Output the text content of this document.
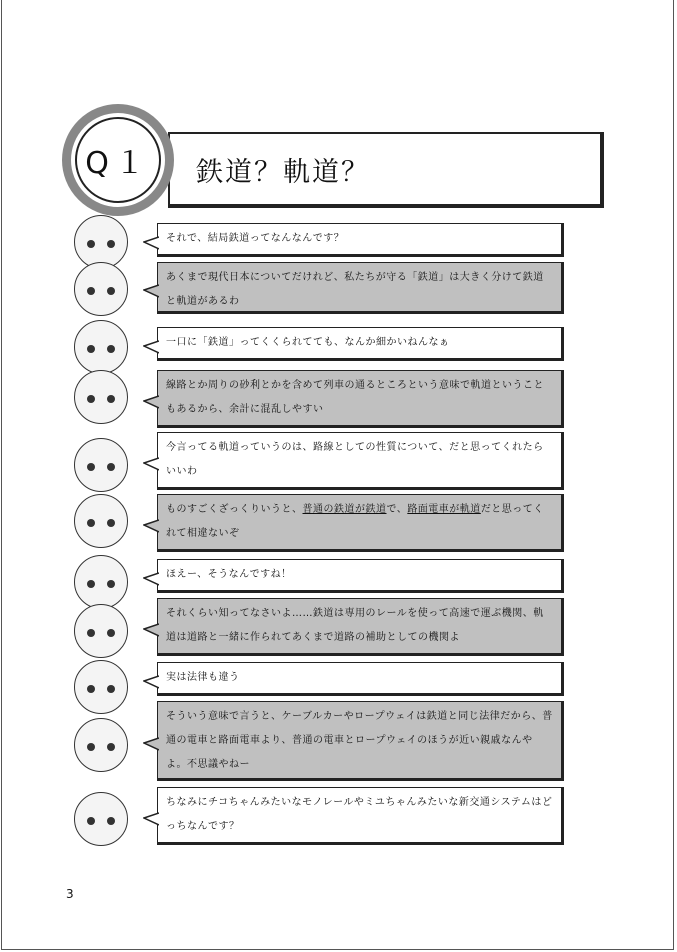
Q１	鉄道？軌道？
それで、結局鉄道ってなんなんです？
あくまで現代日本についてだけれど、私たちが守る「鉄道」は大きく分けて鉄道と軌道があるわ
一口に「鉄道」ってくくられてても、なんか細かいねんなぁ
線路とか周りの砂利とかを含めて列車の通るところという意味で軌道ということもあるから、余計に混乱しやすい
今言ってる軌道っていうのは、路線としての性質について、だと思ってくれたらいいわ
ものすごくざっくりいうと、普通の鉄道が鉄道で、路面電車が軌道だと思ってくれて相違ないぞ
ほえー、そうなんですね！
それくらい知ってなさいよ……鉄道は専用のレールを使って高速で運ぶ機関、軌道は道路と一緒に作られてあくまで道路の補助としての機関よ
実は法律も違う
そういう意味で言うと、ケーブルカーやロープウェイは鉄道と同じ法律だから、普通の電車と路面電車より、普通の電車とロープウェイのほうが近い親戚なんやよ。不思議やねー
ちなみにチコちゃんみたいなモノレールやミユちゃんみたいな新交通システムはどっちなんです？
3
